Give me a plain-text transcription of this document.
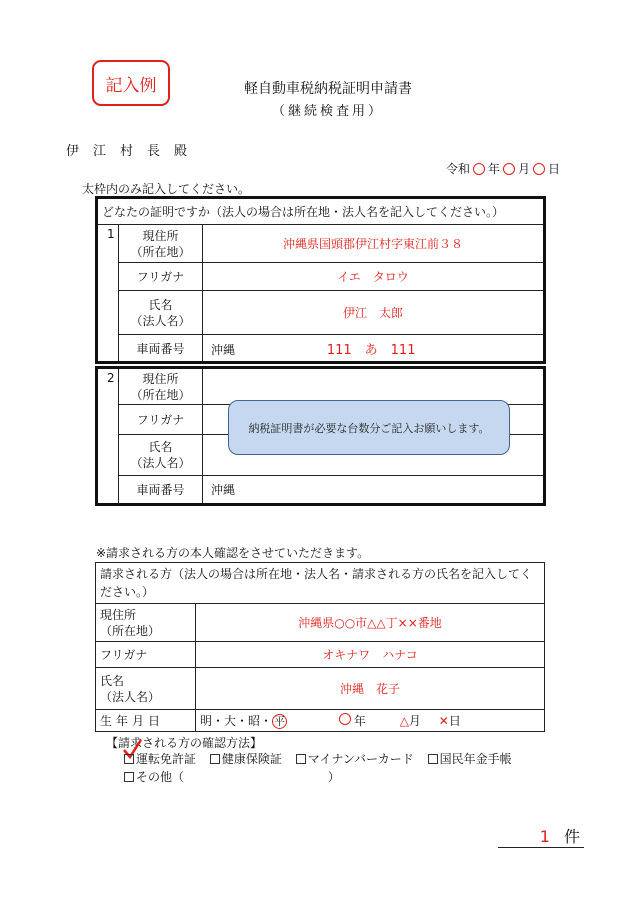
記入例	軽自動車税納税証明申請書
（継続検査用）
伊江村長殿
令和 年 月 日
太枠内のみ記入してください。
どなたの証明ですか（法人の場合は所在地・法人名を記入してください。）		
1	現住所
（所在地）	沖縄県国頭郡伊江村字東江前３８
	フリガナ	イエ　タロウ
	氏名
（法人名）	伊江　太郎
	車両番号	沖縄 111　あ　111
2	現住所
（所在地）	
	フリガナ	
	氏名
（法人名）	
	車両番号	沖縄
納税証明書が必要な台数分ご記入お願いします。
※請求される方の本人確認をさせていただきます。
請求される方（法人の場合は所在地・法人名・請求される方の氏名を記入してください。）	
現住所
（所在地）	沖縄県○○市△△丁××番地
フリガナ	オキナワ　ハナコ
氏名
（法人名）	沖縄　花子
生年月日	明・大・昭・ 平 年 △月 ✕日
【請求される方の確認方法】
運転免許証 健康保険証 マイナンバーカード 国民年金手帳
その他（	）
1 件
